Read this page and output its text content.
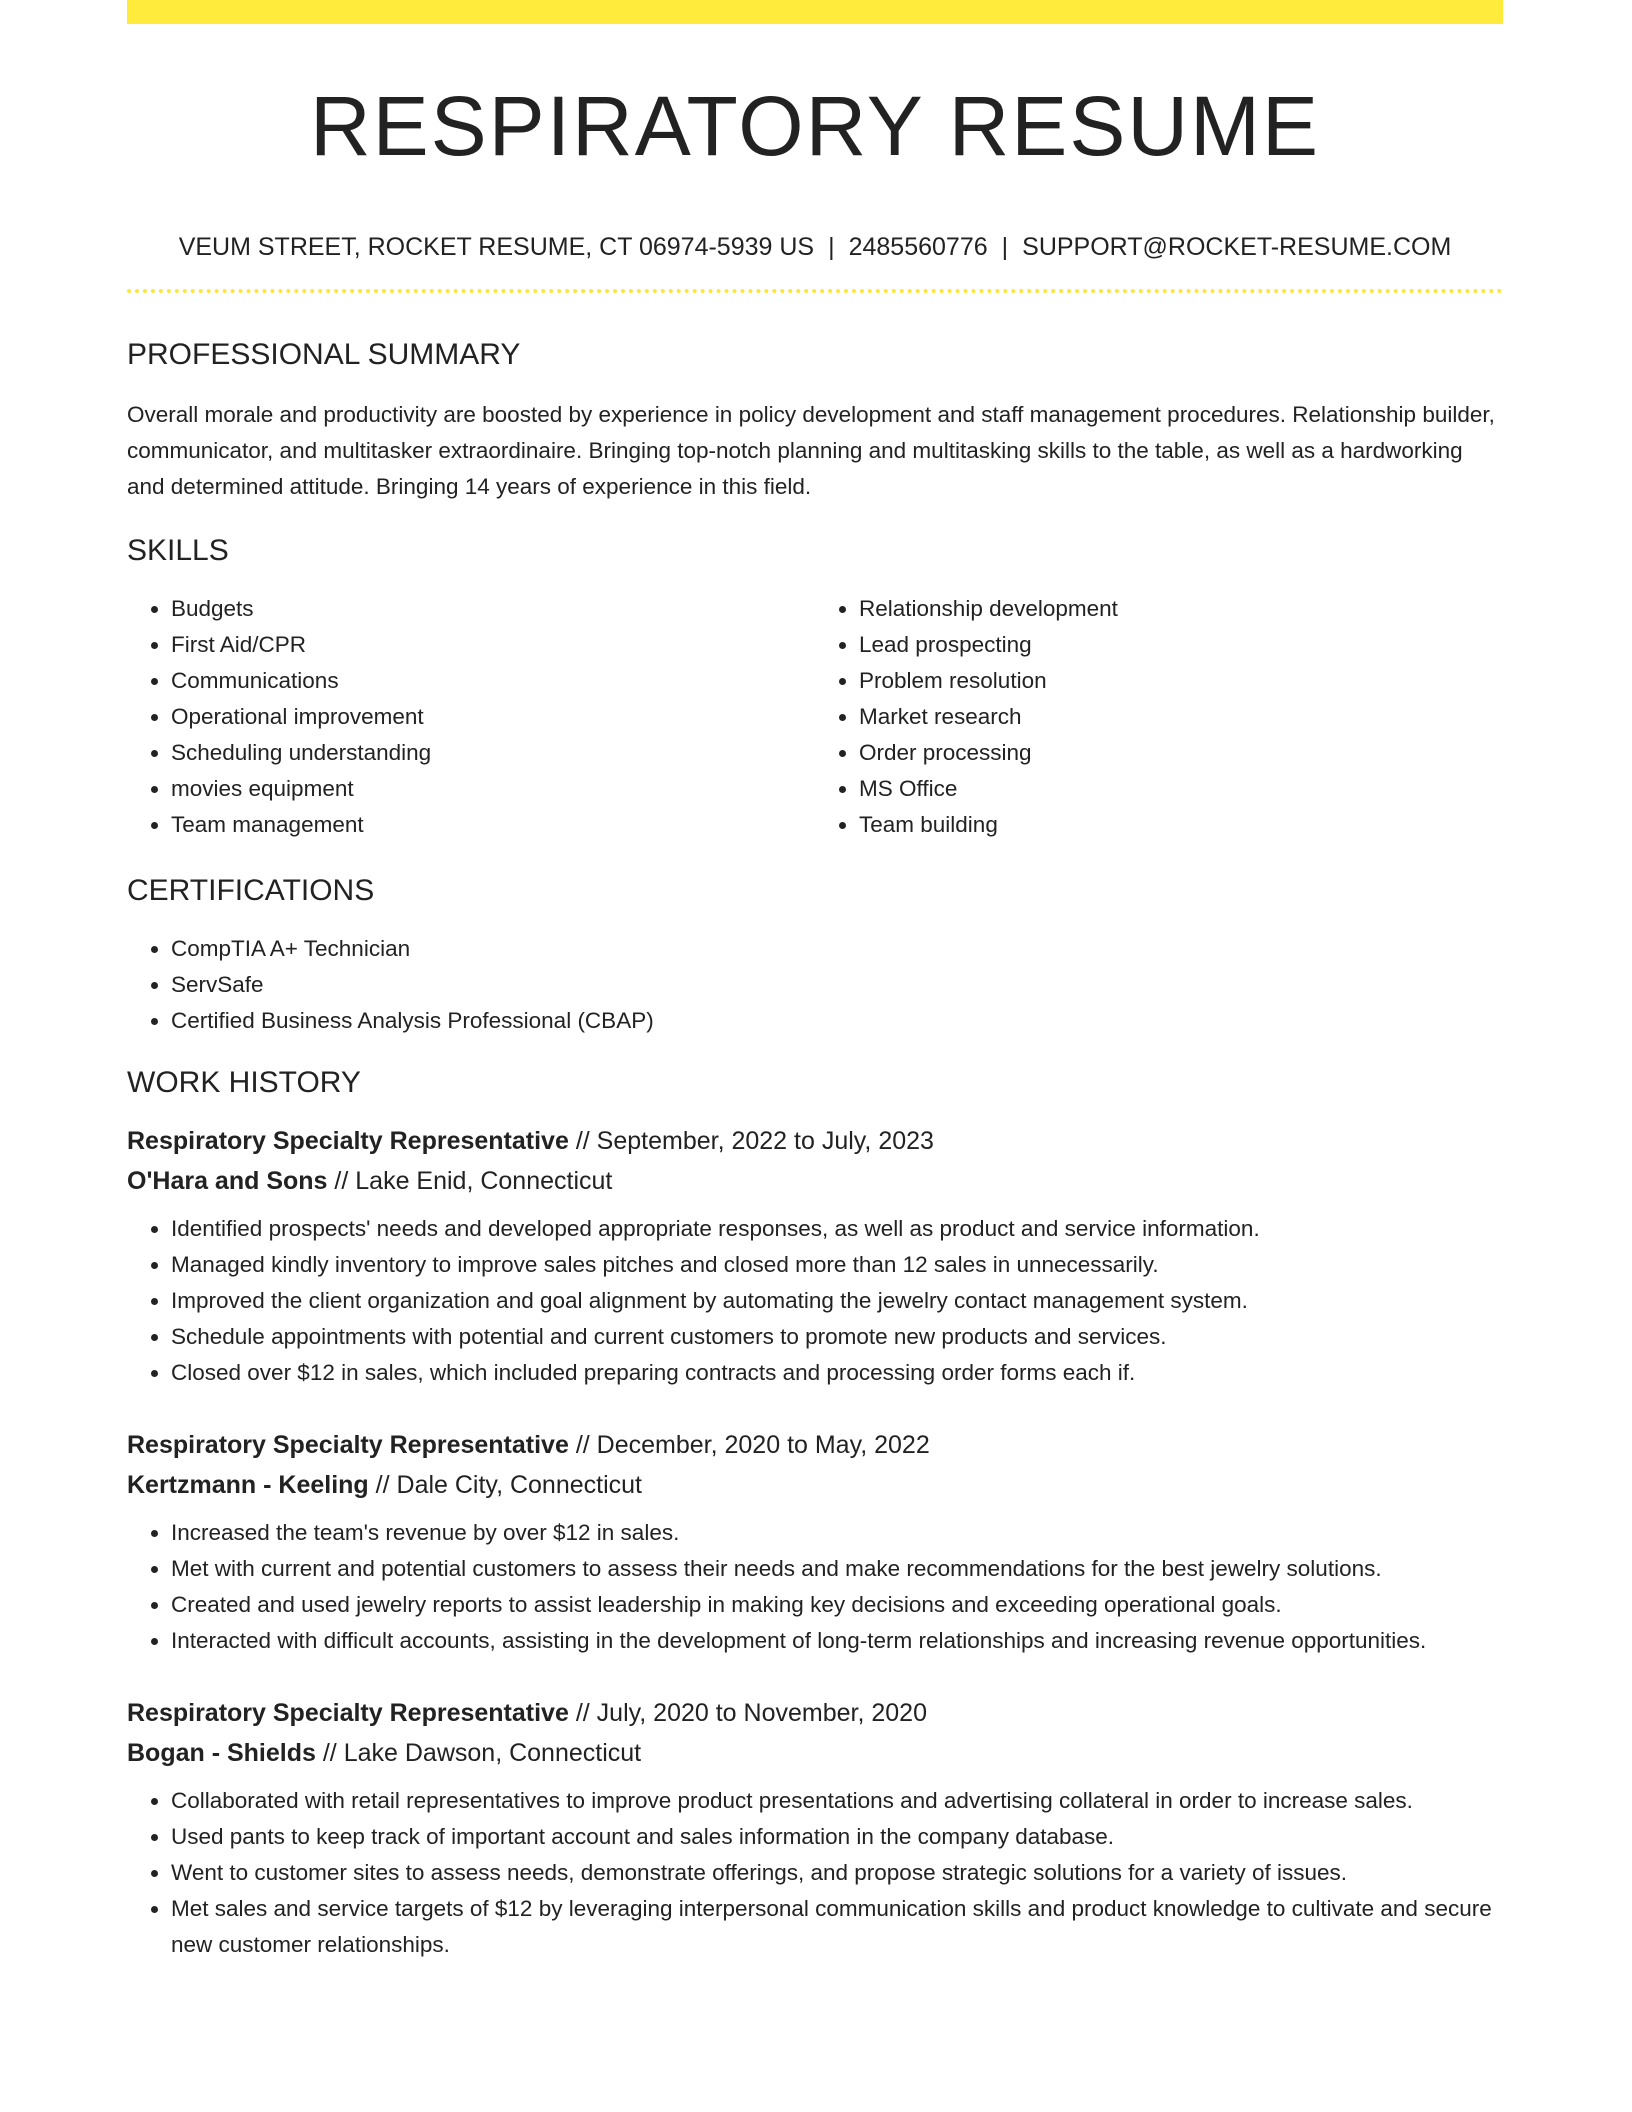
RESPIRATORY RESUME
VEUM STREET, ROCKET RESUME, CT 06974-5939 US | 2485560776 | SUPPORT@ROCKET-RESUME.COM
PROFESSIONAL SUMMARY

Overall morale and productivity are boosted by experience in policy development and staff management procedures. Relationship builder, communicator, and multitasker extraordinaire. Bringing top-notch planning and multitasking skills to the table, as well as a hardworking and determined attitude. Bringing 14 years of experience in this field.

SKILLS
• Budgets
• First Aid/CPR
• Communications
• Operational improvement
• Scheduling understanding
• movies equipment
• Team management
• Relationship development
• Lead prospecting
• Problem resolution
• Market research
• Order processing
• MS Office
• Team building
CERTIFICATIONS
• CompTIA A+ Technician
• ServSafe
• Certified Business Analysis Professional (CBAP)
WORK HISTORY
Respiratory Specialty Representative // September, 2022 to July, 2023
O'Hara and Sons // Lake Enid, Connecticut
• Identified prospects' needs and developed appropriate responses, as well as product and service information.
• Managed kindly inventory to improve sales pitches and closed more than 12 sales in unnecessarily.
• Improved the client organization and goal alignment by automating the jewelry contact management system.
• Schedule appointments with potential and current customers to promote new products and services.
• Closed over $12 in sales, which included preparing contracts and processing order forms each if.
Respiratory Specialty Representative // December, 2020 to May, 2022
Kertzmann - Keeling // Dale City, Connecticut
• Increased the team's revenue by over $12 in sales.
• Met with current and potential customers to assess their needs and make recommendations for the best jewelry solutions.
• Created and used jewelry reports to assist leadership in making key decisions and exceeding operational goals.
• Interacted with difficult accounts, assisting in the development of long-term relationships and increasing revenue opportunities.
Respiratory Specialty Representative // July, 2020 to November, 2020
Bogan - Shields // Lake Dawson, Connecticut
• Collaborated with retail representatives to improve product presentations and advertising collateral in order to increase sales.
• Used pants to keep track of important account and sales information in the company database.
• Went to customer sites to assess needs, demonstrate offerings, and propose strategic solutions for a variety of issues.
• Met sales and service targets of $12 by leveraging interpersonal communication skills and product knowledge to cultivate and secure new customer relationships.
